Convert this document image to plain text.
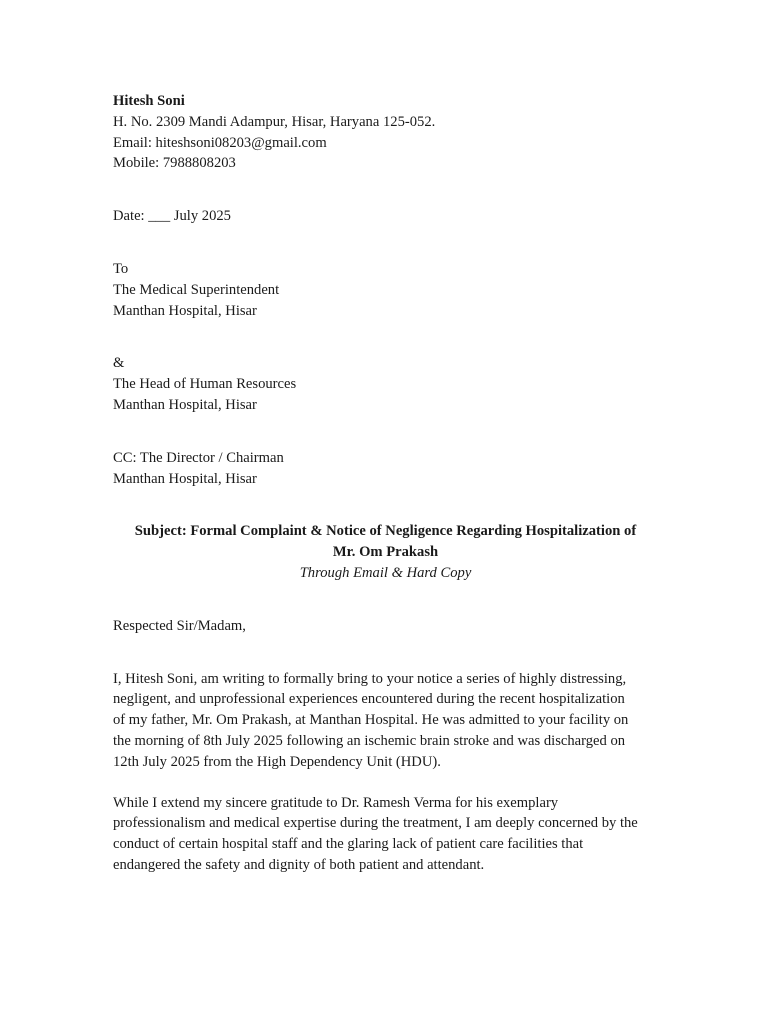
Hitesh Soni
H. No. 2309 Mandi Adampur, Hisar, Haryana 125-052.
Email: hiteshsoni08203@gmail.com
Mobile: 7988808203
Date: ___ July 2025
To
The Medical Superintendent
Manthan Hospital, Hisar
&
The Head of Human Resources
Manthan Hospital, Hisar
CC: The Director / Chairman
Manthan Hospital, Hisar
Subject: Formal Complaint & Notice of Negligence Regarding Hospitalization of
Mr. Om Prakash
Through Email & Hard Copy
Respected Sir/Madam,
I, Hitesh Soni, am writing to formally bring to your notice a series of highly distressing,
negligent, and unprofessional experiences encountered during the recent hospitalization
of my father, Mr. Om Prakash, at Manthan Hospital. He was admitted to your facility on
the morning of 8th July 2025 following an ischemic brain stroke and was discharged on
12th July 2025 from the High Dependency Unit (HDU).
While I extend my sincere gratitude to Dr. Ramesh Verma for his exemplary
professionalism and medical expertise during the treatment, I am deeply concerned by the
conduct of certain hospital staff and the glaring lack of patient care facilities that
endangered the safety and dignity of both patient and attendant.
